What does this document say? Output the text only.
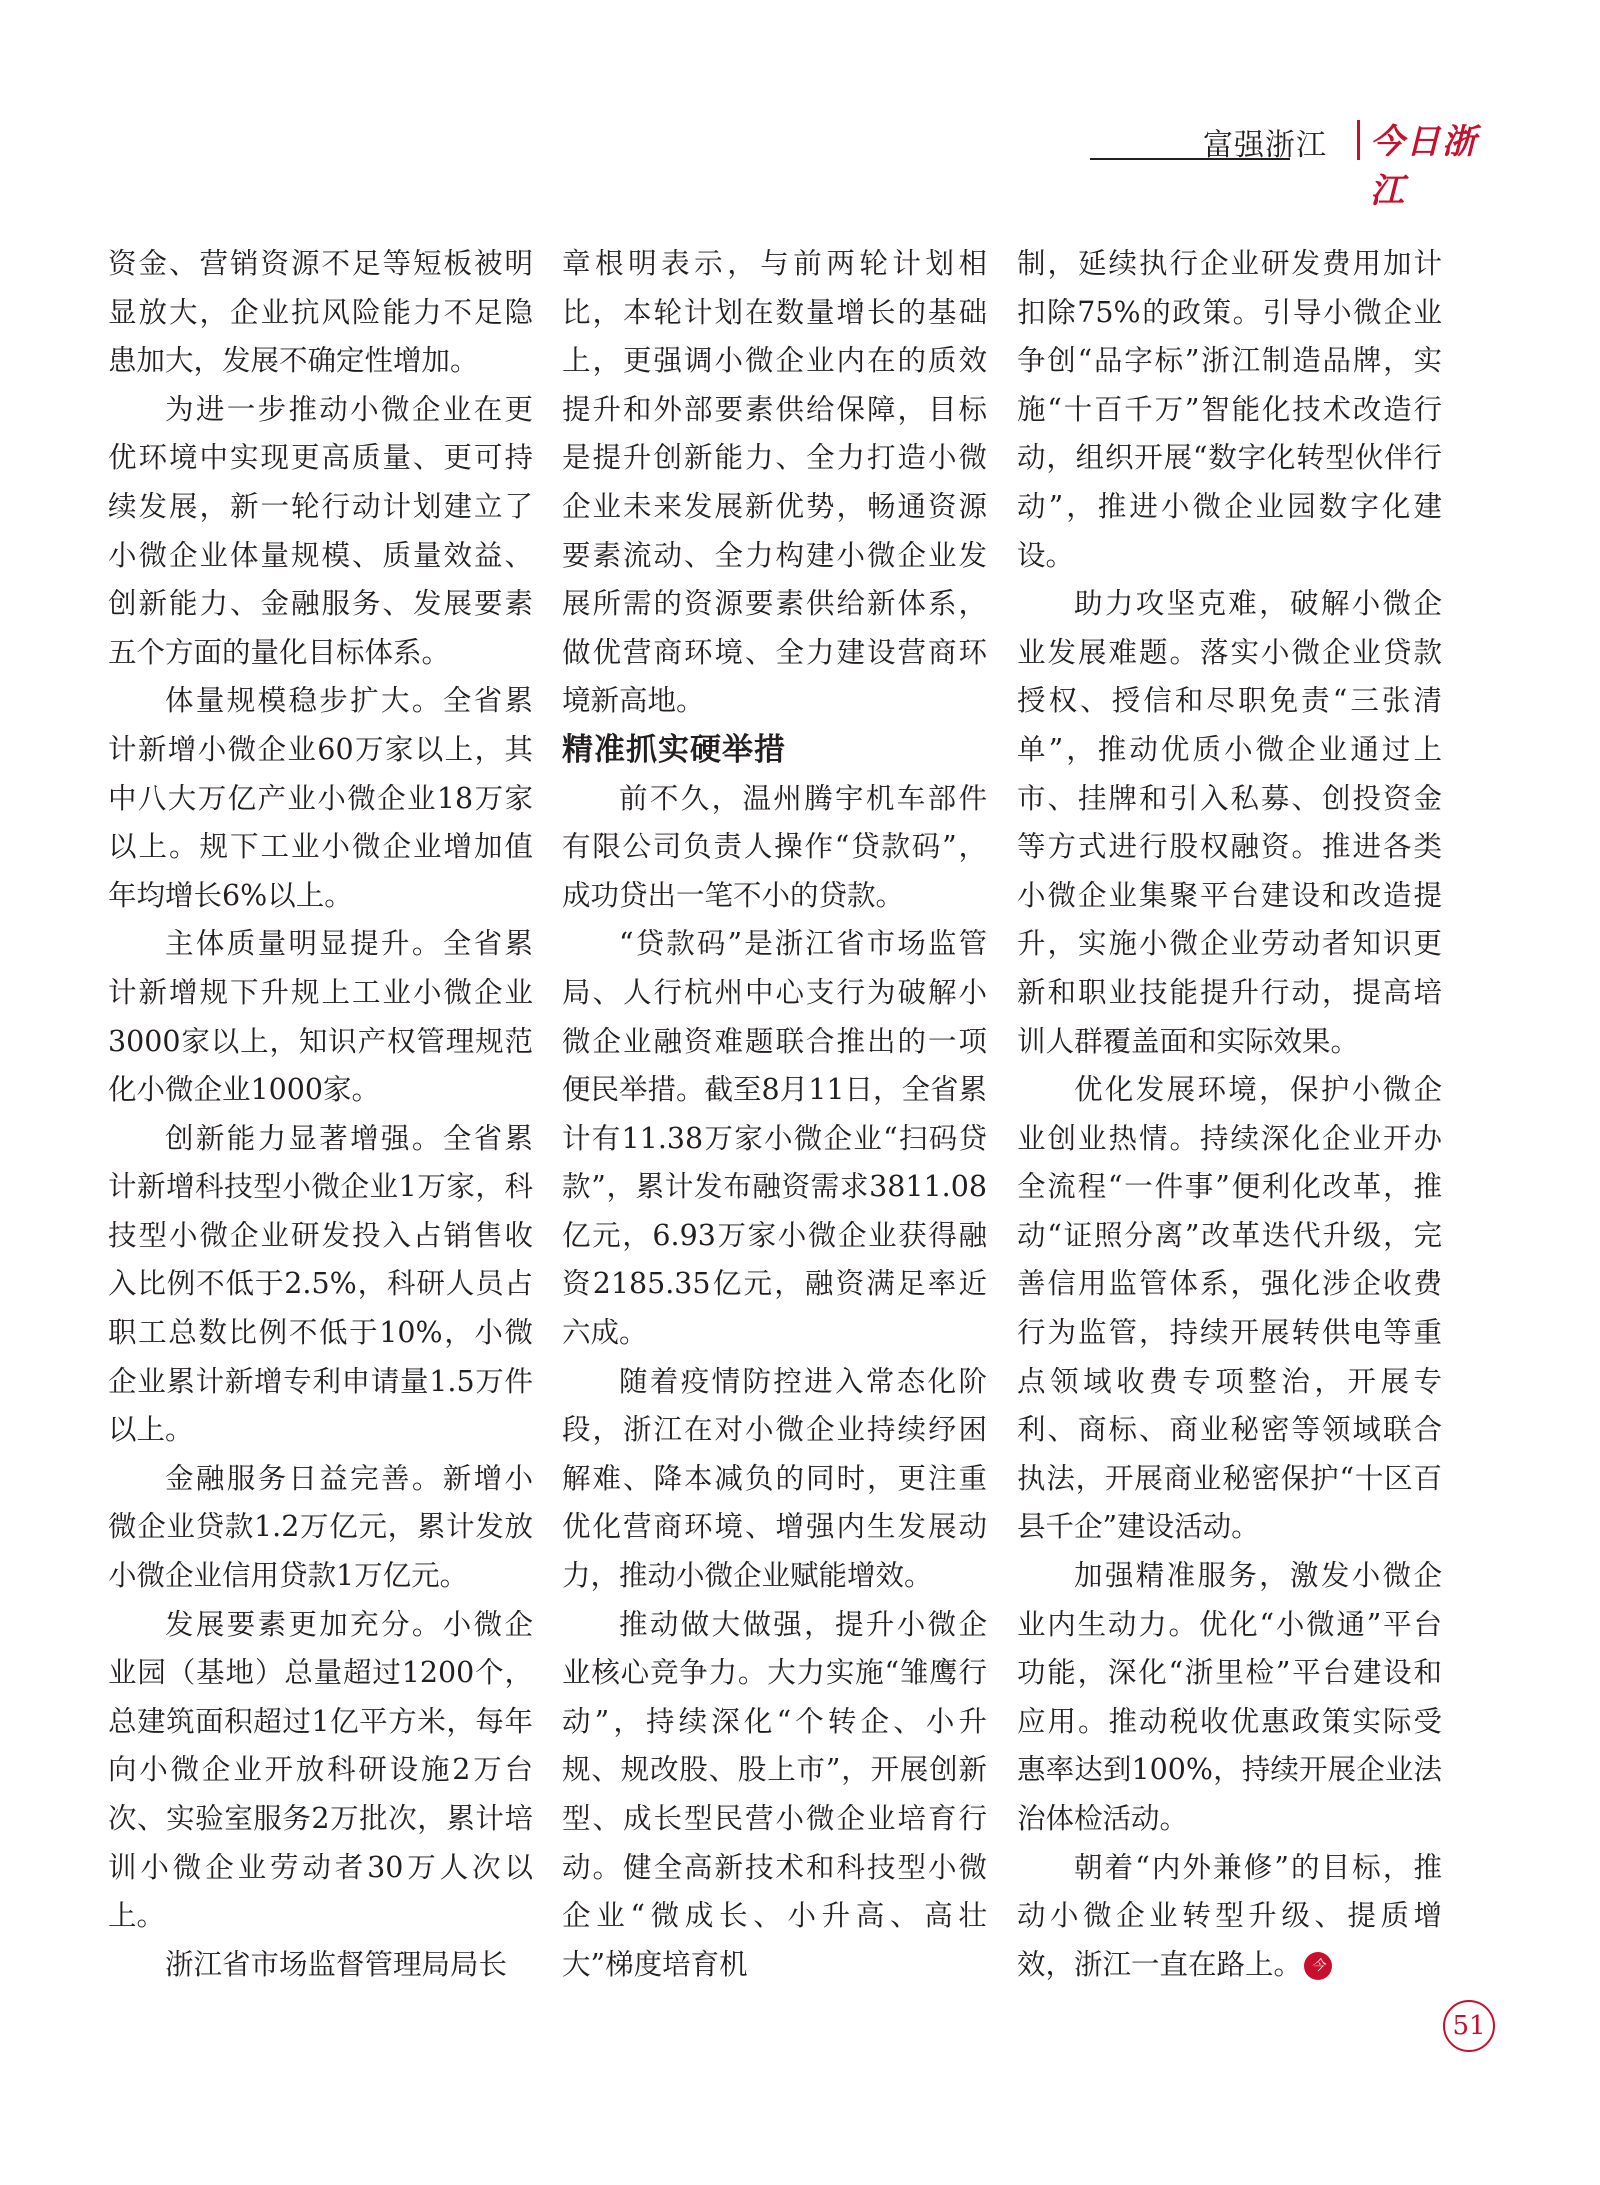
富强浙江 今日浙江

资金、营销资源不足等短板被明显放大，企业抗风险能力不足隐患加大，发展不确定性增加。

为进一步推动小微企业在更优环境中实现更高质量、更可持续发展，新一轮行动计划建立了小微企业体量规模、质量效益、创新能力、金融服务、发展要素五个方面的量化目标体系。

体量规模稳步扩大。全省累计新增小微企业60万家以上，其中八大万亿产业小微企业18万家以上。规下工业小微企业增加值年均增长6%以上。

主体质量明显提升。全省累计新增规下升规上工业小微企业3000家以上，知识产权管理规范化小微企业1000家。

创新能力显著增强。全省累计新增科技型小微企业1万家，科技型小微企业研发投入占销售收入比例不低于2.5%，科研人员占职工总数比例不低于10%，小微企业累计新增专利申请量1.5万件以上。

金融服务日益完善。新增小微企业贷款1.2万亿元，累计发放小微企业信用贷款1万亿元。

发展要素更加充分。小微企业园（基地）总量超过1200个，总建筑面积超过1亿平方米，每年向小微企业开放科研设施2万台次、实验室服务2万批次，累计培训小微企业劳动者30万人次以上。

浙江省市场监督管理局局长

章根明表示，与前两轮计划相比，本轮计划在数量增长的基础上，更强调小微企业内在的质效提升和外部要素供给保障，目标是提升创新能力、全力打造小微企业未来发展新优势，畅通资源要素流动、全力构建小微企业发展所需的资源要素供给新体系，做优营商环境、全力建设营商环境新高地。

精准抓实硬举措

前不久，温州腾宇机车部件有限公司负责人操作“贷款码”，成功贷出一笔不小的贷款。

“贷款码”是浙江省市场监管局、人行杭州中心支行为破解小微企业融资难题联合推出的一项便民举措。截至8月11日，全省累计有11.38万家小微企业“扫码贷款”，累计发布融资需求3811.08亿元，6.93万家小微企业获得融资2185.35亿元，融资满足率近六成。

随着疫情防控进入常态化阶段，浙江在对小微企业持续纾困解难、降本减负的同时，更注重优化营商环境、增强内生发展动力，推动小微企业赋能增效。

推动做大做强，提升小微企业核心竞争力。大力实施“雏鹰行动”，持续深化“个转企、小升规、规改股、股上市”，开展创新型、成长型民营小微企业培育行动。健全高新技术和科技型小微企业“微成长、小升高、高壮大”梯度培育机

制，延续执行企业研发费用加计扣除75%的政策。引导小微企业争创“品字标”浙江制造品牌，实施“十百千万”智能化技术改造行动，组织开展“数字化转型伙伴行动”，推进小微企业园数字化建设。

助力攻坚克难，破解小微企业发展难题。落实小微企业贷款授权、授信和尽职免责“三张清单”，推动优质小微企业通过上市、挂牌和引入私募、创投资金等方式进行股权融资。推进各类小微企业集聚平台建设和改造提升，实施小微企业劳动者知识更新和职业技能提升行动，提高培训人群覆盖面和实际效果。

优化发展环境，保护小微企业创业热情。持续深化企业开办全流程“一件事”便利化改革，推动“证照分离”改革迭代升级，完善信用监管体系，强化涉企收费行为监管，持续开展转供电等重点领域收费专项整治，开展专利、商标、商业秘密等领域联合执法，开展商业秘密保护“十区百县千企”建设活动。

加强精准服务，激发小微企业内生动力。优化“小微通”平台功能，深化“浙里检”平台建设和应用。推动税收优惠政策实际受惠率达到100%，持续开展企业法治体检活动。

朝着“内外兼修”的目标，推动小微企业转型升级、提质增效，浙江一直在路上。 今

51
